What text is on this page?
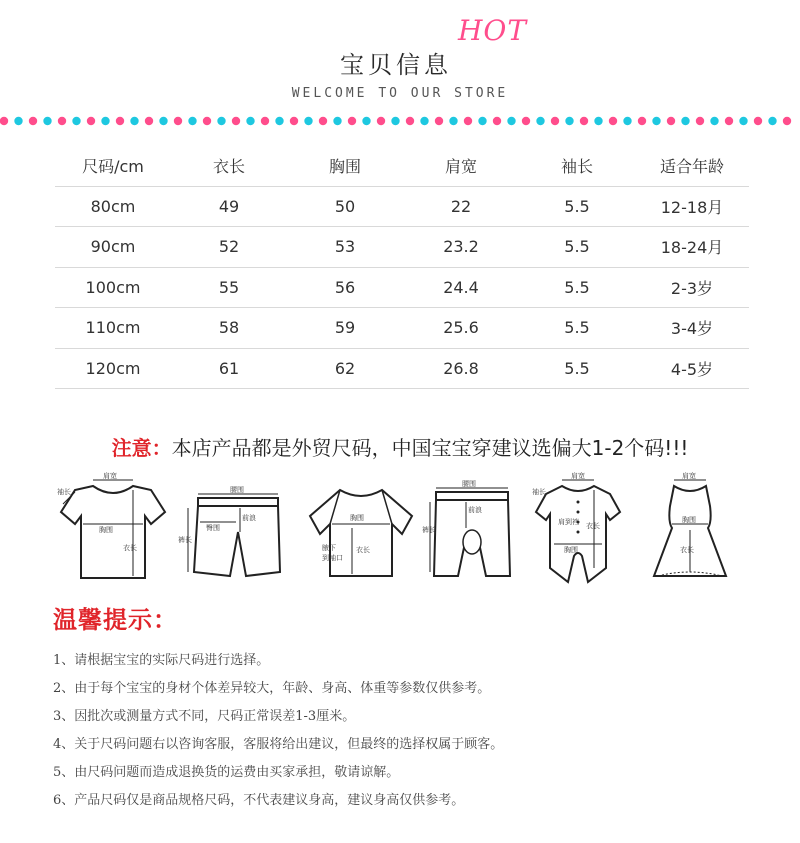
宝贝信息
HOT
WELCOME TO OUR STORE
尺码/cm	衣长	胸围	肩宽	袖长	适合年龄
80cm	49	50	22	5.5	12-18月
90cm	52	53	23.2	5.5	18-24月
100cm	55	56	24.4	5.5	2-3岁
110cm	58	59	25.6	5.5	3-4岁
120cm	61	62	26.8	5.5	4-5岁
注意：本店产品都是外贸尺码，中国宝宝穿建议选偏大1-2个码!!!
肩宽
袖长
胸围
衣长
腰围
臀围
前浪
裤长
胸围
腋下
到袖口
衣长
腰围
前浪
裤长
肩宽
袖长
肩到裆
胸围
衣长
肩宽
胸围
衣长
温馨提示：
1、请根据宝宝的实际尺码进行选择。
2、由于每个宝宝的身材个体差异较大，年龄、身高、体重等参数仅供参考。
3、因批次或测量方式不同，尺码正常误差1-3厘米。
4、关于尺码问题右以咨询客服，客服将给出建议，但最终的选择权属于顾客。
5、由尺码问题而造成退换货的运费由买家承担，敬请谅解。
6、产品尺码仅是商品规格尺码，不代表建议身高，建议身高仅供参考。
